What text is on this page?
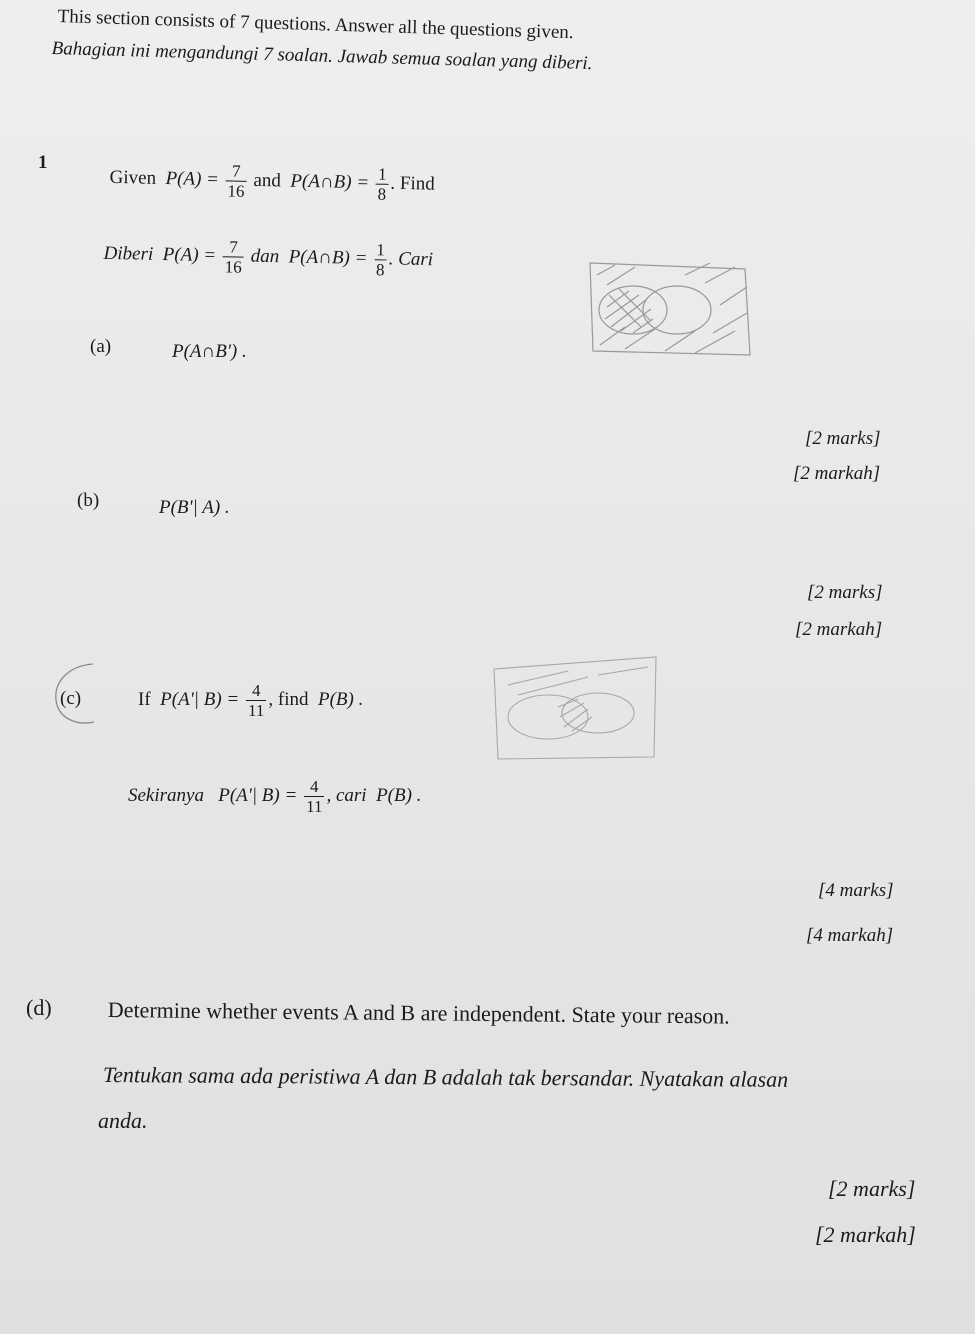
This section consists of 7 questions. Answer all the questions given.
Bahagian ini mengandungi 7 soalan. Jawab semua soalan yang diberi.
1
Given $P(A) = \frac{7}{16}$ and P(A∩B) = $\frac{1}{8}$ . Find
Diberi $P(A) = \frac{7}{16}$ dan P(A∩B) = $\frac{1}{8}$ . Cari
(a)	P(A∩B') .
[2 marks]
[2 markah]
(b)	P(B'| A) .
[2 marks]
[2 markah]
(c)	If P(A'| $B) = \frac{4}{11}$ , find P(B) .
Sekiranya P(A'| $B) = \frac{4}{11}$ , cari P(B) .
[4 marks]
[4 markah]
(d)	Determine whether events A and B are independent. State your reason.
Tentukan sama ada peristiwa A dan B adalah tak bersandar. Nyatakan alasan
anda.
[2 marks]
[2 markah]
